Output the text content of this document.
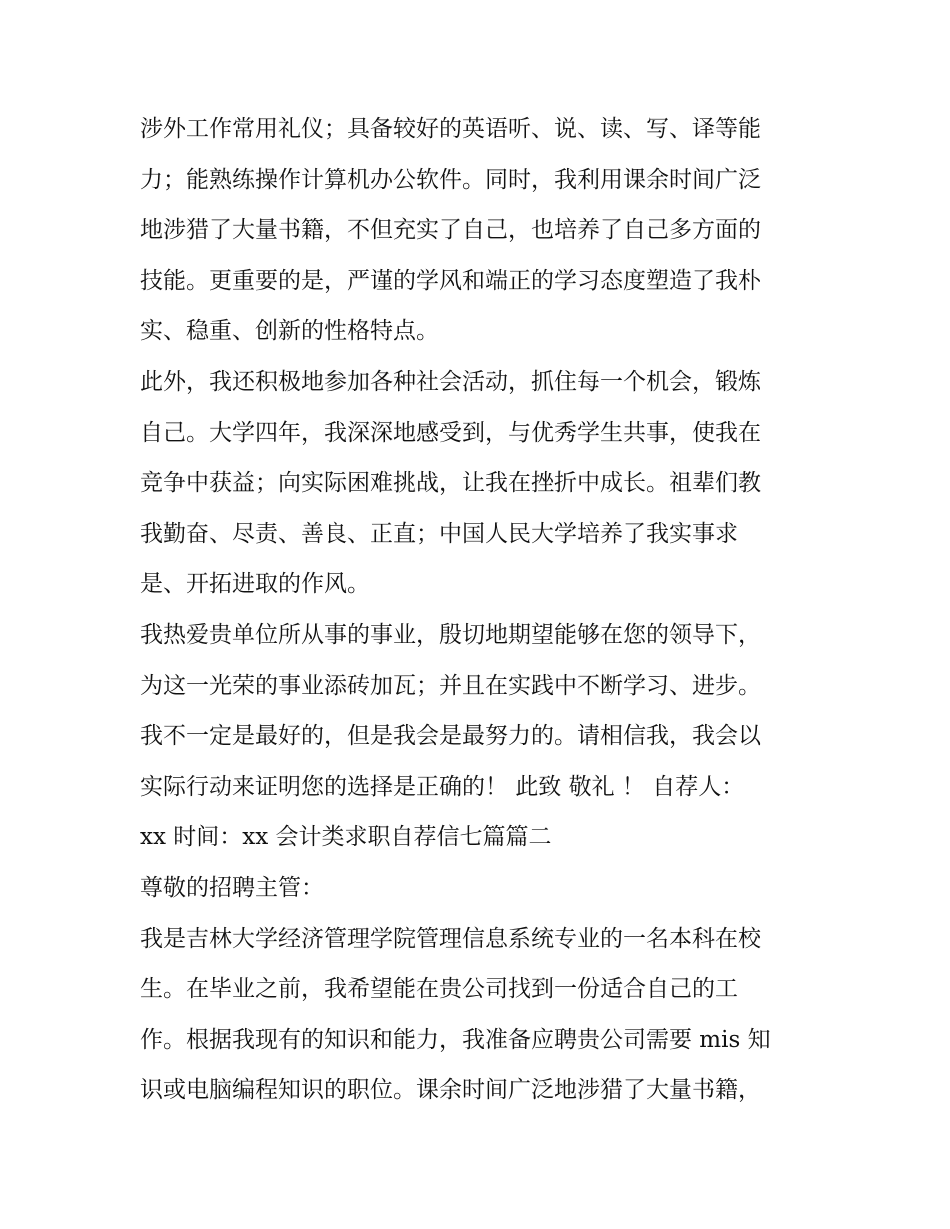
涉外工作常用礼仪；具备较好的英语听、说、读、写、译等能
力；能熟练操作计算机办公软件。同时，我利用课余时间广泛
地涉猎了大量书籍，不但充实了自己，也培养了自己多方面的
技能。更重要的是，严谨的学风和端正的学习态度塑造了我朴
实、稳重、创新的性格特点。
此外，我还积极地参加各种社会活动，抓住每一个机会，锻炼
自己。大学四年，我深深地感受到，与优秀学生共事，使我在
竞争中获益；向实际困难挑战，让我在挫折中成长。祖辈们教
我勤奋、尽责、善良、正直；中国人民大学培养了我实事求
是、开拓进取的作风。
我热爱贵单位所从事的事业，殷切地期望能够在您的领导下，
为这一光荣的事业添砖加瓦；并且在实践中不断学习、进步。
我不一定是最好的，但是我会是最努力的。请相信我，我会以
实际行动来证明您的选择是正确的！ 此致 敬礼 ！ 自荐人：
xx 时间：xx 会计类求职自荐信七篇篇二
尊敬的招聘主管：
我是吉林大学经济管理学院管理信息系统专业的一名本科在校
生。在毕业之前，我希望能在贵公司找到一份适合自己的工
作。根据我现有的知识和能力，我准备应聘贵公司需要 mis 知
识或电脑编程知识的职位。课余时间广泛地涉猎了大量书籍，
